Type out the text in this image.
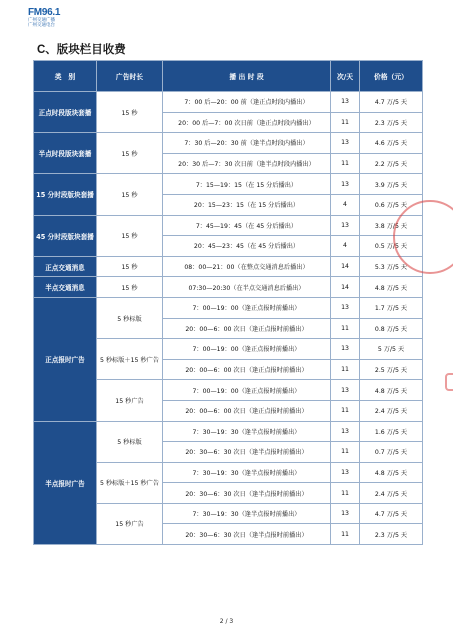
FM96.1
广州交通广播
广州交通电台
C、版块栏目收费
类　别	广告时长	播 出 时 段	次/天	价格（元）
正点时段版块套播	15 秒	7：00 后—20：00 前（逢正点时段内播出）	13	4.7 万/5 天
		20：00 后—7：00 次日前（逢正点时段内播出）	11	2.3 万/5 天
半点时段版块套播	15 秒	7：30 后—20：30 前（逢半点时段内播出）	13	4.6 万/5 天
		20：30 后—7：30 次日前（逢半点时段内播出）	11	2.2 万/5 天
15 分时段版块套播	15 秒	7：15—19：15（在 15 分后播出）	13	3.9 万/5 天
		20：15—23：15（在 15 分后播出）	4	0.6 万/5 天
45 分时段版块套播	15 秒	7：45—19：45（在 45 分后播出）	13	3.8 万/5 天
		20：45—23：45（在 45 分后播出）	4	0.5 万/5 天
正点交通消息	15 秒	08：00—21：00（在整点交通消息后播出）	14	5.3 万/5 天
半点交通消息	15 秒	07:30—20:30（在半点交通消息后播出）	14	4.8 万/5 天
正点报时广告	5 秒标版	7：00—19：00（逢正点报时前播出）	13	1.7 万/5 天
		20：00—6：00 次日（逢正点报时前播出）	11	0.8 万/5 天
	5 秒标版＋15 秒广告	7：00—19：00（逢正点报时前播出）	13	5 万/5 天
		20：00—6：00 次日（逢正点报时前播出）	11	2.5 万/5 天
	15 秒广告	7：00—19：00（逢正点报时前播出）	13	4.8 万/5 天
		20：00—6：00 次日（逢正点报时前播出）	11	2.4 万/5 天
半点报时广告	5 秒标版	7：30—19：30（逢半点报时前播出）	13	1.6 万/5 天
		20：30—6：30 次日（逢半点报时前播出）	11	0.7 万/5 天
	5 秒标版＋15 秒广告	7：30—19：30（逢半点报时前播出）	13	4.8 万/5 天
		20：30—6：30 次日（逢半点报时前播出）	11	2.4 万/5 天
	15 秒广告	7：30—19：30（逢半点报时前播出）	13	4.7 万/5 天
		20：30—6：30 次日（逢半点报时前播出）	11	2.3 万/5 天
2 / 3
